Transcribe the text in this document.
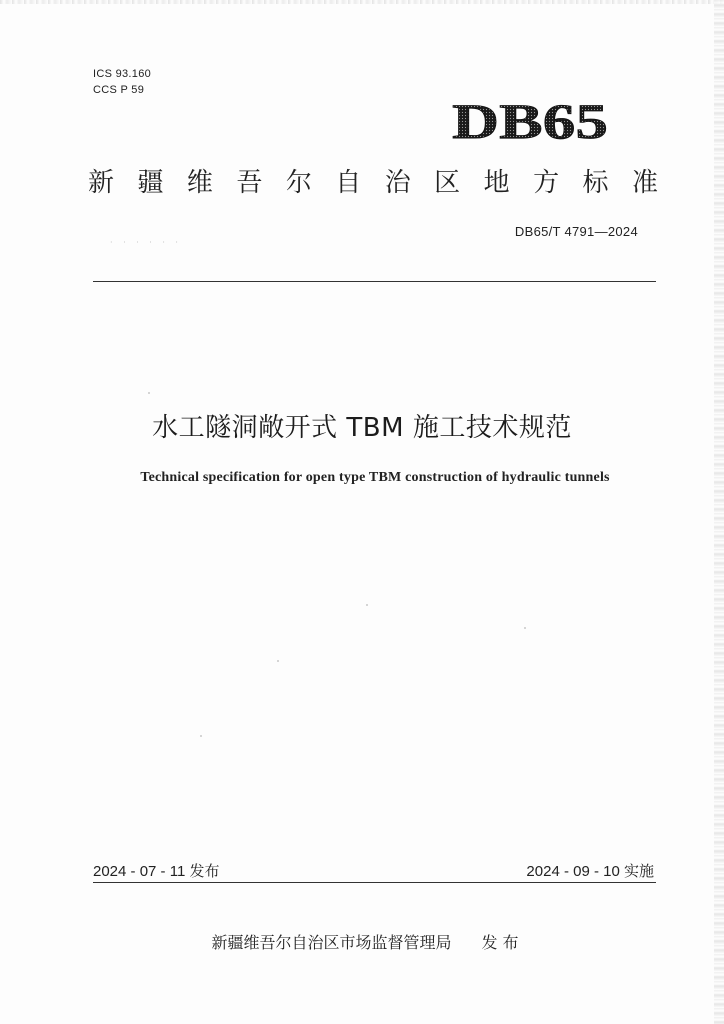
ICS 93.160
CCS P 59
DB65
新 疆 维 吾 尔 自 治 区 地 方 标 准
DB65/T 4791—2024
· · · · · ·
水工隧洞敞开式 TBM 施工技术规范
Technical specification for open type TBM construction of hydraulic tunnels
2024 - 07 - 11 发布	2024 - 09 - 10 实施
新疆维吾尔自治区市场监督管理局 发 布
